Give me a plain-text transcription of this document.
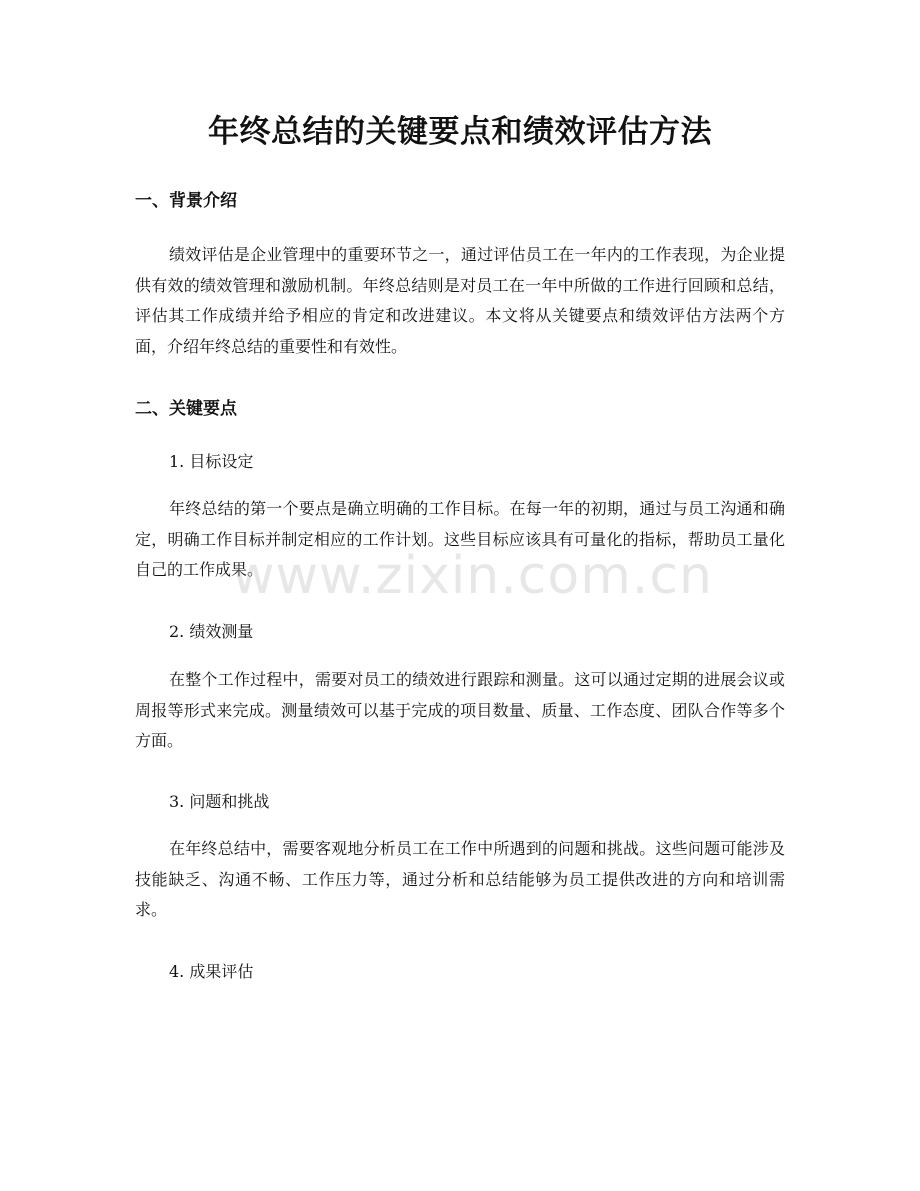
年终总结的关键要点和绩效评估方法
一、背景介绍

绩效评估是企业管理中的重要环节之一，通过评估员工在一年内的工作表现，为企业提供有效的绩效管理和激励机制。年终总结则是对员工在一年中所做的工作进行回顾和总结，评估其工作成绩并给予相应的肯定和改进建议。本文将从关键要点和绩效评估方法两个方面，介绍年终总结的重要性和有效性。

二、关键要点

1. 目标设定

年终总结的第一个要点是确立明确的工作目标。在每一年的初期，通过与员工沟通和确定，明确工作目标并制定相应的工作计划。这些目标应该具有可量化的指标，帮助员工量化自己的工作成果。

2. 绩效测量

在整个工作过程中，需要对员工的绩效进行跟踪和测量。这可以通过定期的进展会议或周报等形式来完成。测量绩效可以基于完成的项目数量、质量、工作态度、团队合作等多个方面。

3. 问题和挑战

在年终总结中，需要客观地分析员工在工作中所遇到的问题和挑战。这些问题可能涉及技能缺乏、沟通不畅、工作压力等，通过分析和总结能够为员工提供改进的方向和培训需求。

4. 成果评估

www.zixin.com.cn
